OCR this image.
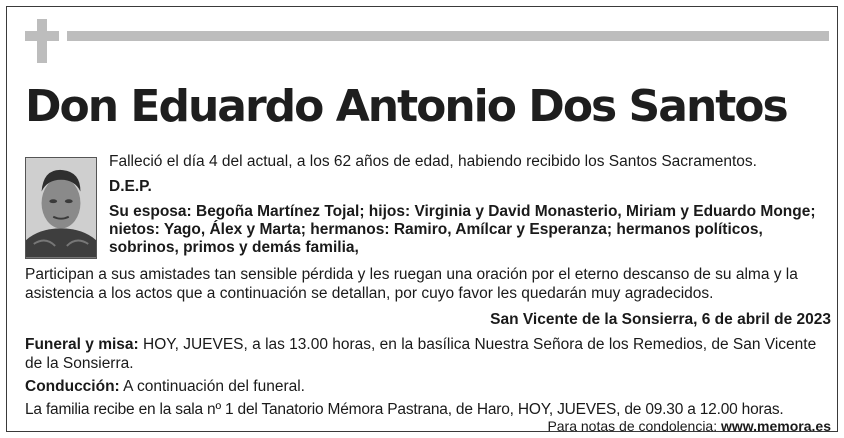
Don Eduardo Antonio Dos Santos
Falleció el día 4 del actual, a los 62 años de edad, habiendo recibido los Santos Sacramentos.
D.E.P.
Su esposa: Begoña Martínez Tojal; hijos: Virginia y David Monasterio, Miriam y Eduardo Monge; nietos: Yago, Álex y Marta; hermanos: Ramiro, Amílcar y Esperanza; hermanos políticos, sobrinos, primos y demás familia,
Participan a sus amistades tan sensible pérdida y les ruegan una oración por el eterno descanso de su alma y la asistencia a los actos que a continuación se detallan, por cuyo favor les quedarán muy agradecidos.
San Vicente de la Sonsierra, 6 de abril de 2023
Funeral y misa: HOY, JUEVES, a las 13.00 horas, en la basílica Nuestra Señora de los Remedios, de San Vicente de la Sonsierra.
Conducción: A continuación del funeral.
La familia recibe en la sala nº 1 del Tanatorio Mémora Pastrana, de Haro, HOY, JUEVES, de 09.30 a 12.00 horas.
Para notas de condolencia: www.memora.es
